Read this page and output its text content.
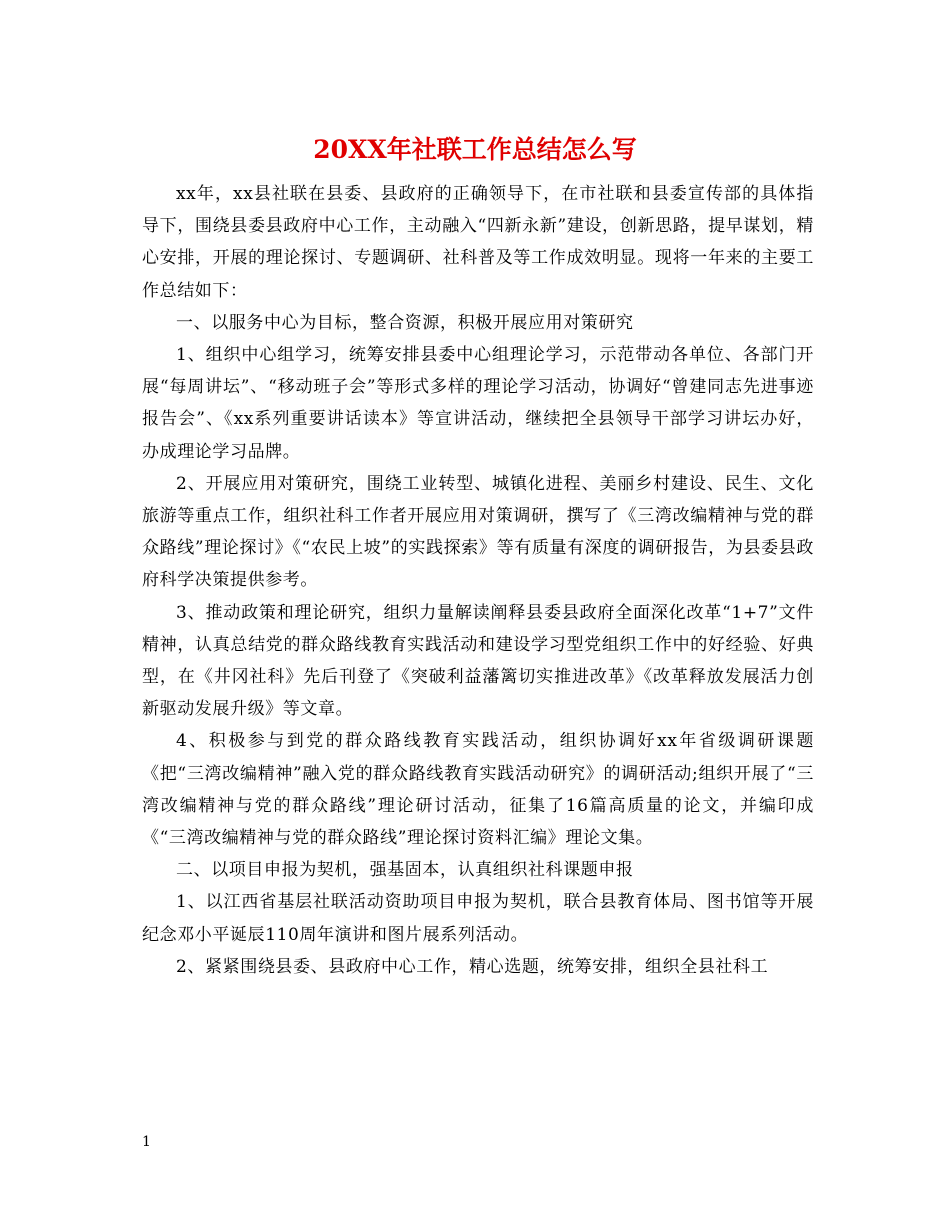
20XX年社联工作总结怎么写

xx年，xx县社联在县委、县政府的正确领导下，在市社联和县委宣传部的具体指导下，围绕县委县政府中心工作，主动融入“四新永新”建设，创新思路，提早谋划，精心安排，开展的理论探讨、专题调研、社科普及等工作成效明显。现将一年来的主要工作总结如下：

一、以服务中心为目标，整合资源，积极开展应用对策研究

1、组织中心组学习，统筹安排县委中心组理论学习，示范带动各单位、各部门开展“每周讲坛”、“移动班子会”等形式多样的理论学习活动，协调好“曾建同志先进事迹报告会”、《xx系列重要讲话读本》等宣讲活动，继续把全县领导干部学习讲坛办好，办成理论学习品牌。

2、开展应用对策研究，围绕工业转型、城镇化进程、美丽乡村建设、民生、文化旅游等重点工作，组织社科工作者开展应用对策调研，撰写了《三湾改编精神与党的群众路线”理论探讨》《“农民上坡”的实践探索》等有质量有深度的调研报告，为县委县政府科学决策提供参考。

3、推动政策和理论研究，组织力量解读阐释县委县政府全面深化改革“1+7”文件精神，认真总结党的群众路线教育实践活动和建设学习型党组织工作中的好经验、好典型，在《井冈社科》先后刊登了《突破利益藩篱切实推进改革》《改革释放发展活力创新驱动发展升级》等文章。

4、积极参与到党的群众路线教育实践活动，组织协调好xx年省级调研课题《把“三湾改编精神”融入党的群众路线教育实践活动研究》的调研活动;组织开展了“三湾改编精神与党的群众路线”理论研讨活动，征集了16篇高质量的论文，并编印成《“三湾改编精神与党的群众路线”理论探讨资料汇编》理论文集。

二、以项目申报为契机，强基固本，认真组织社科课题申报

1、以江西省基层社联活动资助项目申报为契机，联合县教育体局、图书馆等开展纪念邓小平诞辰110周年演讲和图片展系列活动。

2、紧紧围绕县委、县政府中心工作，精心选题，统筹安排，组织全县社科工

1
